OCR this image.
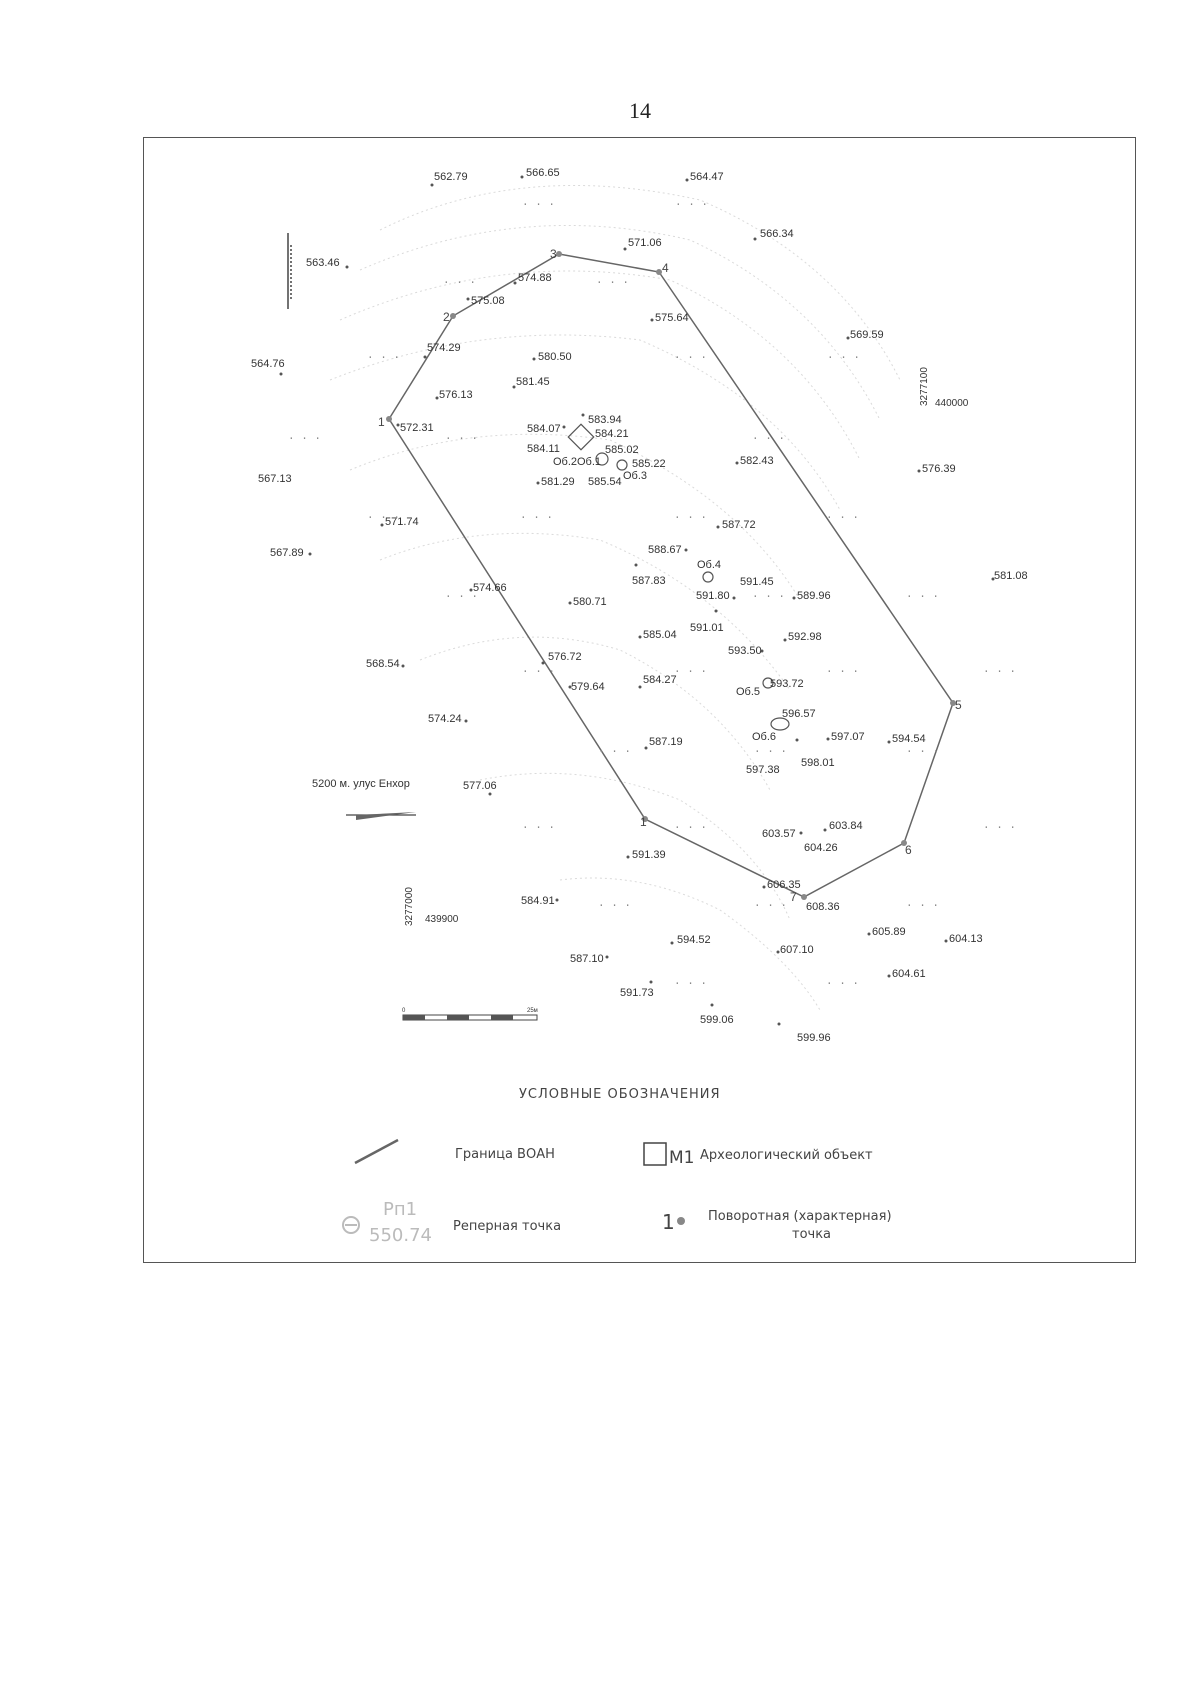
14
1
2
3
4
5
6
7
1
Об.2 Об.1
Об.3
Об.4
Об.5
Об.6
562.79	566.65	564.47
566.34
571.06
563.46
574.88
575.08
575.64
569.59
574.29
580.50
564.76
576.13
581.45
572.31	584.07
583.94
584.21
584.11	585.02
585.22	582.43
567.13	581.29 585.54
576.39
571.74	587.72
567.89	588.67
587.83	591.45	581.08
574.66
591.80	589.96
580.71
591.01
585.04	592.98
568.54
593.50
576.72
584.27	593.72
579.64
574.24	596.57
587.19	597.07 594.54
597.38
598.01
577.06
603.57
603.84
604.26
591.39
606.35
608.36
584.91
605.89
604.13
594.52
607.10
587.10
604.61
591.73
599.06
599.96
. . .	. . .
. . .	. . .
. . .	. . .	. . .
. . .	. . .	. . .
. . .	. . .	. . .	. . .
. . .	. . .	. . .
. . .	. . .	. . .	. . .
. . .	. . .	. . .
. . .	. . .	. . .
. . .	. . .	. . .
. . .	. . .
3277100 440000
3277000 439900
5200 м. улус Енхор
0	25м
УСЛОВНЫЕ ОБОЗНАЧЕНИЯ
Граница ВОАН	М1 Археологический объект
Рп1
550.74 Реперная точка	1	Поворотная (характерная)
точка
